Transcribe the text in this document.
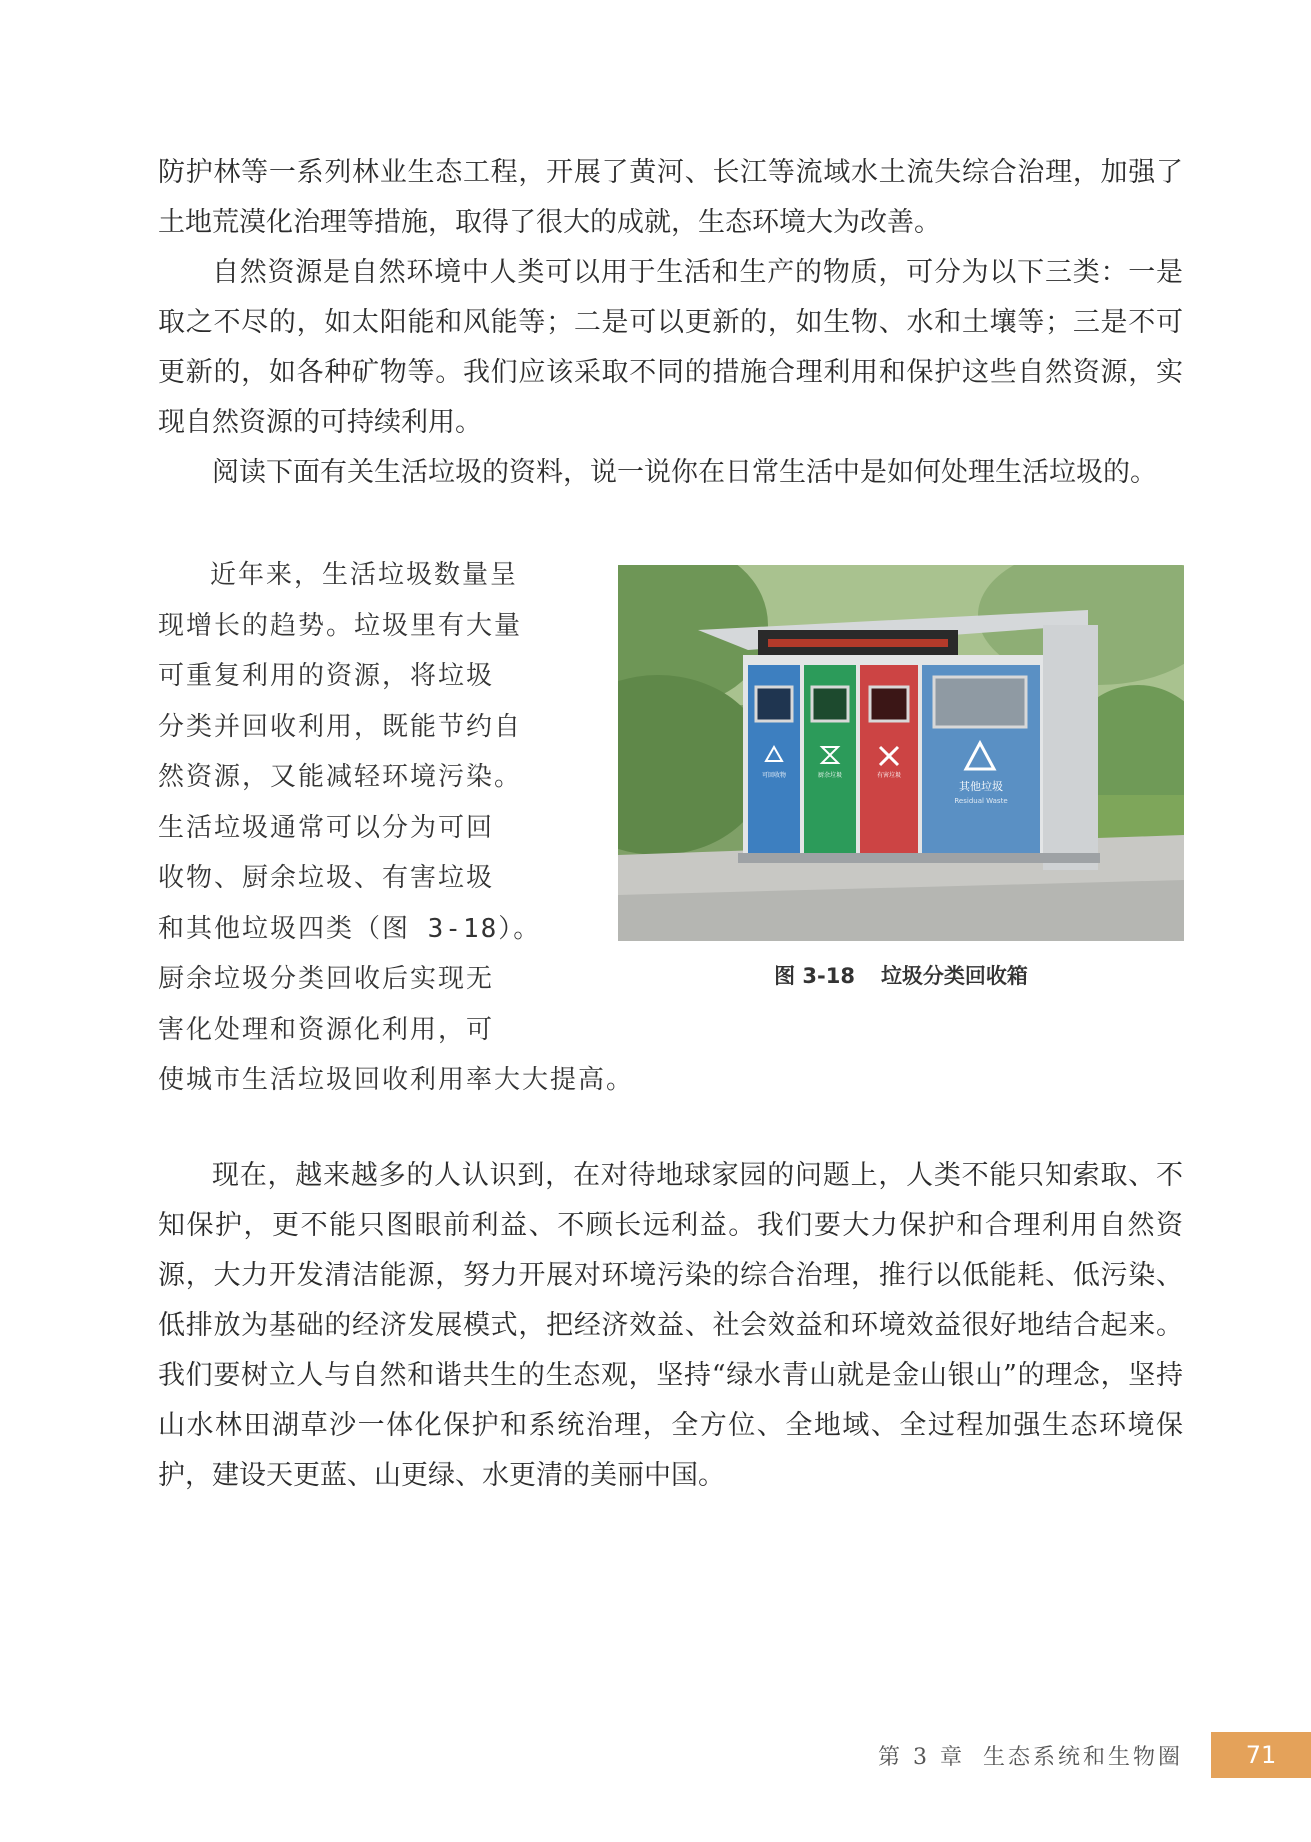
防护林等一系列林业生态工程，开展了黄河、长江等流域水土流失综合治理，加强了土地荒漠化治理等措施，取得了很大的成就，生态环境大为改善。

自然资源是自然环境中人类可以用于生活和生产的物质，可分为以下三类：一是取之不尽的，如太阳能和风能等；二是可以更新的，如生物、水和土壤等；三是不可更新的，如各种矿物等。我们应该采取不同的措施合理利用和保护这些自然资源，实现自然资源的可持续利用。

阅读下面有关生活垃圾的资料，说一说你在日常生活中是如何处理生活垃圾的。

近年来，生活垃圾数量呈
现增长的趋势。垃圾里有大量
可重复利用的资源，将垃圾
分类并回收利用，既能节约自
然资源，又能减轻环境污染。
生活垃圾通常可以分为可回
收物、厨余垃圾、有害垃圾
和其他垃圾四类（图 3-18）。
厨余垃圾分类回收后实现无
害化处理和资源化利用，可
使城市生活垃圾回收利用率大大提高。
其他垃圾
Residual Waste
可回收物	厨余垃圾	有害垃圾
图 3-18 垃圾分类回收箱

现在，越来越多的人认识到，在对待地球家园的问题上，人类不能只知索取、不知保护，更不能只图眼前利益、不顾长远利益。我们要大力保护和合理利用自然资源，大力开发清洁能源，努力开展对环境污染的综合治理，推行以低能耗、低污染、低排放为基础的经济发展模式，把经济效益、社会效益和环境效益很好地结合起来。我们要树立人与自然和谐共生的生态观，坚持“绿水青山就是金山银山”的理念，坚持山水林田湖草沙一体化保护和系统治理，全方位、全地域、全过程加强生态环境保护，建设天更蓝、山更绿、水更清的美丽中国。

第 3 章 生态系统和生物圈	71
